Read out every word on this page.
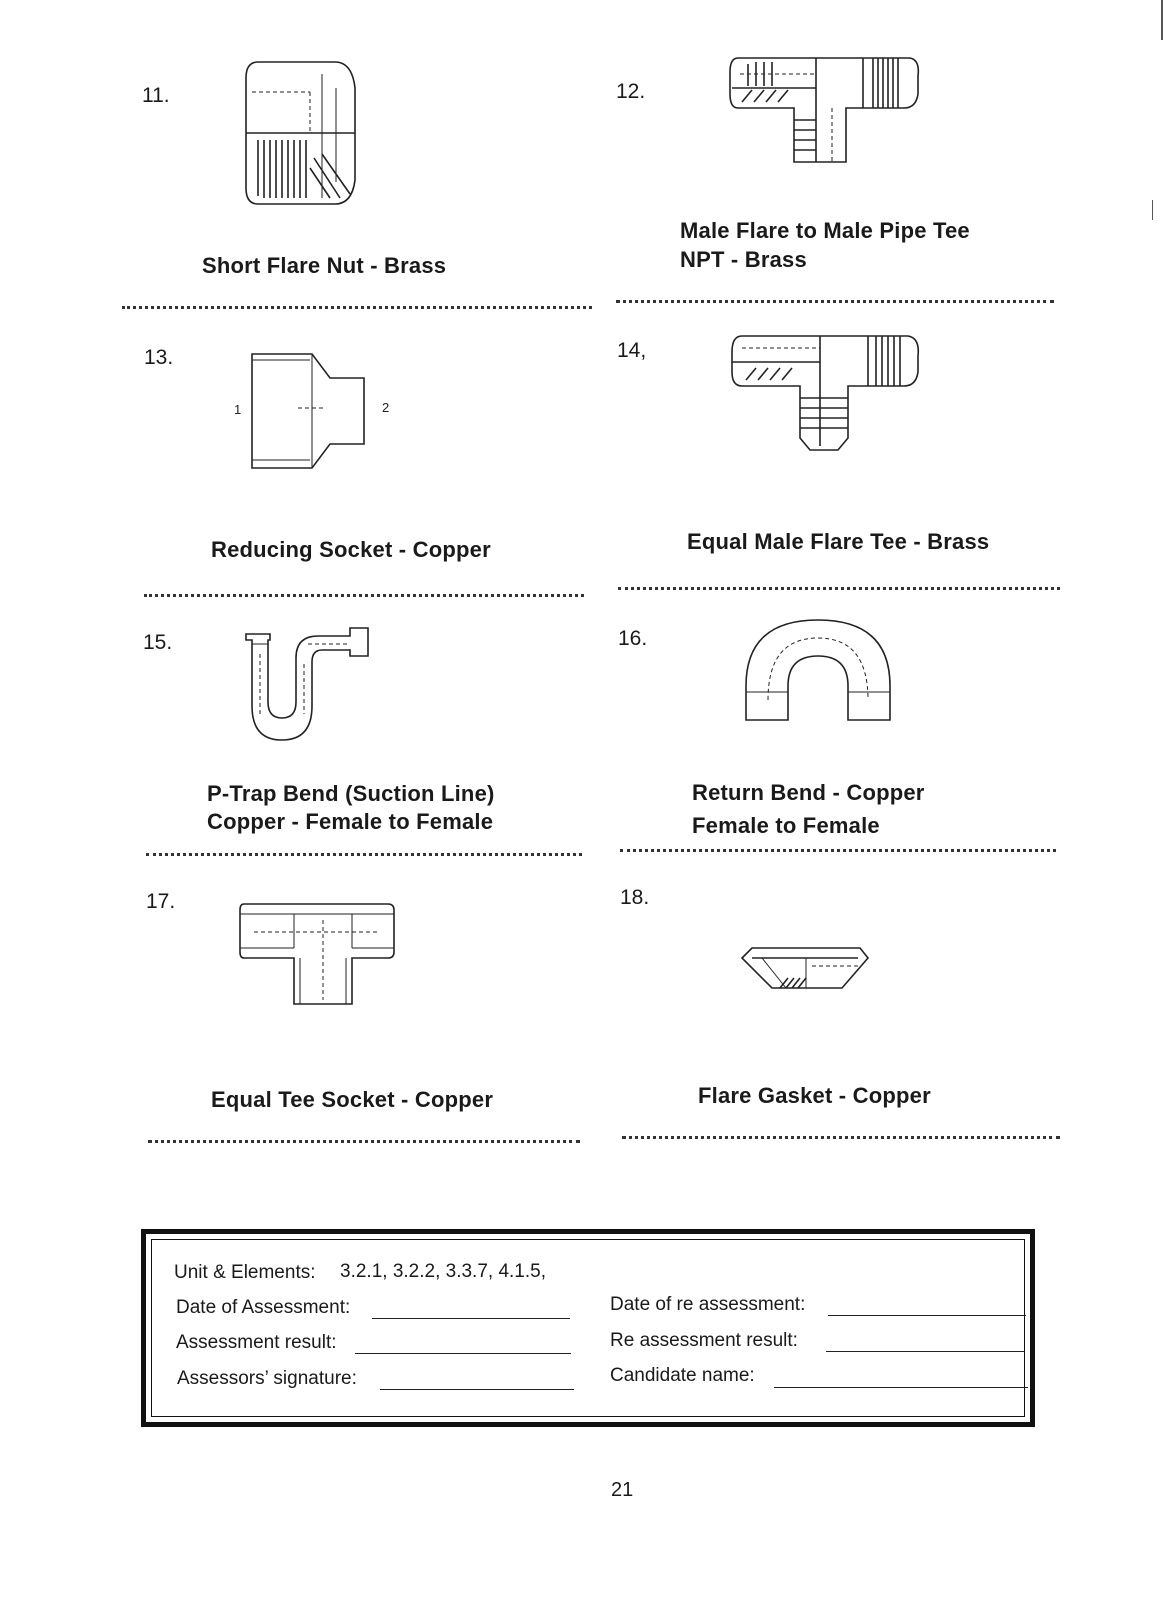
11.
Short Flare Nut - Brass
12.
Male Flare to Male Pipe Tee
NPT - Brass
13.
1	2
Reducing Socket - Copper
14,
Equal Male Flare Tee - Brass
15.
P-Trap Bend (Suction Line)
Copper - Female to Female
16.
Return Bend - Copper
Female to Female
17.
Equal Tee Socket - Copper
18.
Flare Gasket - Copper
Unit & Elements: 3.2.1, 3.2.2, 3.3.7, 4.1.5,
Date of Assessment:
Assessment result:
Assessors’ signature:
Date of re assessment:
Re assessment result:
Candidate name:
21
